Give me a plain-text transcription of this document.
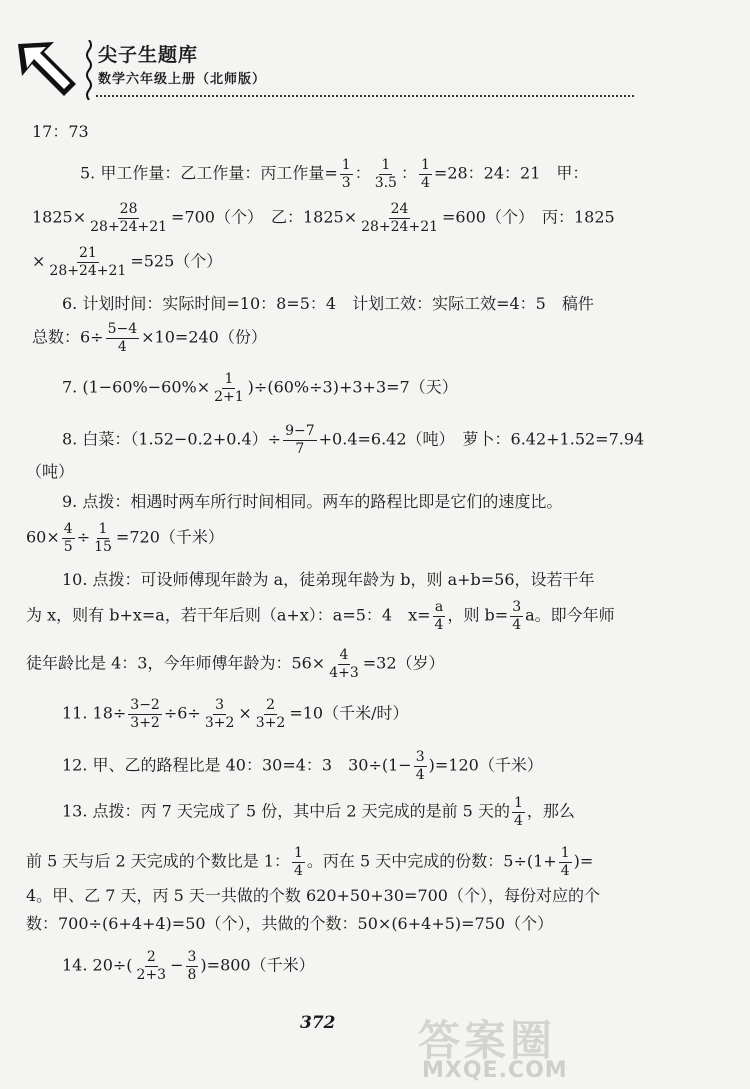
尖子生题库
数学六年级上册（北师版）
17：73
5. 甲工作量：乙工作量：丙工作量= $\frac{1}{3}$ ： $\frac{1}{3.5}$ ： $\frac{1}{4} =28$：24：21　甲：
$1825\times \frac{28}{28+24+21} =700$（个）　乙：$1825\times \frac{24}{28+24+21} =600$（个）　丙：1825
× $\frac{21}{28+24+21} =525$（个）
6. 计划时间：实际时间=10：8=5：4　计划工效：实际工效=4：5　稿件
总数：$6\div \frac{5-4}{4} \times 10=240$（份）
7. $(1-60\%-60\%\times \frac{1}{2+1} )\div(60\%\div 3)+3+3=7$（天）
8. 白菜：$(1.52-0.2+0.4)\div \frac{9-7}{7} +0.4=6.42$（吨）　萝卜：6.42+1.52=7.94
（吨）
9. 点拨：相遇时两车所行时间相同。两车的路程比即是它们的速度比。
$60\times \frac{4}{5} \div \frac{1}{15} =720$（千米）
10. 点拨：可设师傅现年龄为 a，徒弟现年龄为 b，则 a+b=56，设若干年
为 x，则有 b+x=a，若干年后则（a+x）：a=5：4　$x= \frac{a}{4}$ ，则 $b= \frac{3}{4}$ a。即今年师
徒年龄比是 4：3，今年师傅年龄为：$56\times \frac{4}{4+3} =32$（岁）
11. $18\div \frac{3-2}{3+2} \div 6\div \frac{3}{3+2} \times \frac{2}{3+2} =10$（千米/时）
12. 甲、乙的路程比是 40：30=4：3　$30\div(1- \frac{3}{4} )=120$（千米）
13. 点拨：丙 7 天完成了 5 份，其中后 2 天完成的是前 5 天的 $\frac{1}{4}$ ，那么
前 5 天与后 2 天完成的个数比是 1： $\frac{1}{4}$ 。丙在 5 天中完成的份数：$5\div(1+ \frac{1}{4}$ )=
4。甲、乙 7 天，丙 5 天一共做的个数 620+50+30=700（个），每份对应的个
数：700÷(6+4+4)=50（个），共做的个数：50×(6+4+5)=750（个）
14. $20\div( \frac{2}{2+3} - \frac{3}{8} )=800$（千米）
372 答案圈
MXQE.COM
